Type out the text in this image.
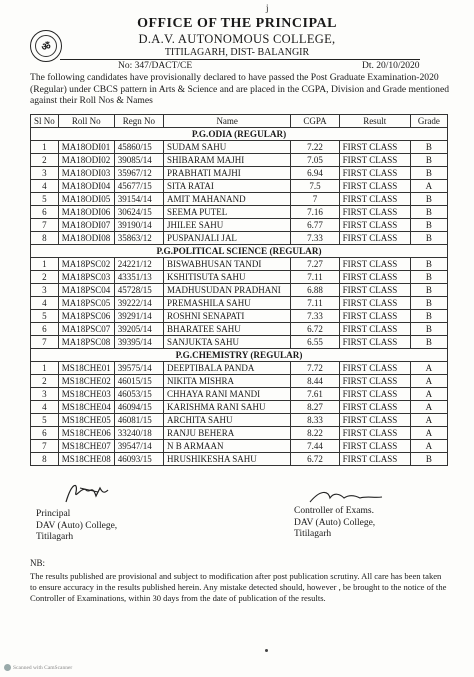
j
ॐ
OFFICE OF THE PRINCIPAL
D.A.V. AUTONOMOUS COLLEGE,
TITILAGARH, DIST- BALANGIR
No: 347/DACT/CE	Dt. 20/10/2020
The following candidates have provisionally declared to have passed the Post Graduate Examination-2020 (Regular) under CBCS pattern in Arts & Science and are placed in the CGPA, Division and Grade mentioned against their Roll Nos & Names
Sl No	Roll No	Regn No	Name	CGPA	Result	Grade
P.G.ODIA (REGULAR)						
1	MA18ODI01	45860/15	SUDAM SAHU	7.22	FIRST CLASS	B
2	MA18ODI02	39085/14	SHIBARAM MAJHI	7.05	FIRST CLASS	B
3	MA18ODI03	35967/12	PRABHATI MAJHI	6.94	FIRST CLASS	B
4	MA18ODI04	45677/15	SITA RATAI	7.5	FIRST CLASS	A
5	MA18ODI05	39154/14	AMIT MAHANAND	7	FIRST CLASS	B
6	MA18ODI06	30624/15	SEEMA PUTEL	7.16	FIRST CLASS	B
7	MA18ODI07	39190/14	JHILEE SAHU	6.77	FIRST CLASS	B
8	MA18ODI08	35863/12	PUSPANJALI JAL	7.33	FIRST CLASS	B
P.G.POLITICAL SCIENCE (REGULAR)						
1	MA18PSC02	24221/12	BISWABHUSAN TANDI	7.27	FIRST CLASS	B
2	MA18PSC03	43351/13	KSHITISUTA SAHU	7.11	FIRST CLASS	B
3	MA18PSC04	45728/15	MADHUSUDAN PRADHANI	6.88	FIRST CLASS	B
4	MA18PSC05	39222/14	PREMASHILA SAHU	7.11	FIRST CLASS	B
5	MA18PSC06	39291/14	ROSHNI SENAPATI	7.33	FIRST CLASS	B
6	MA18PSC07	39205/14	BHARATEE SAHU	6.72	FIRST CLASS	B
7	MA18PSC08	39395/14	SANJUKTA SAHU	6.55	FIRST CLASS	B
P.G.CHEMISTRY (REGULAR)						
1	MS18CHE01	39575/14	DEEPTIBALA PANDA	7.72	FIRST CLASS	A
2	MS18CHE02	46015/15	NIKITA MISHRA	8.44	FIRST CLASS	A
3	MS18CHE03	46053/15	CHHAYA RANI MANDI	7.61	FIRST CLASS	A
4	MS18CHE04	46094/15	KARISHMA RANI SAHU	8.27	FIRST CLASS	A
5	MS18CHE05	46081/15	ARCHITA SAHU	8.33	FIRST CLASS	A
6	MS18CHE06	33240/18	RANJU BEHERA	8.22	FIRST CLASS	A
7	MS18CHE07	39547/14	N B ARMAAN	7.44	FIRST CLASS	A
8	MS18CHE08	46093/15	HRUSHIKESHA SAHU	6.72	FIRST CLASS	B
Principal
DAV (Auto) College,
Titilagarh
Controller of Exams.
DAV (Auto) College,
Titilagarh
NB:
The results published are provisional and subject to modification after post publication scrutiny. All care has been taken to ensure accuracy in the results published herein. Any mistake detected should, however , be brought to the notice of the Controller of Examinations, within 30 days from the date of publication of the results.
Scanned with CamScanner
